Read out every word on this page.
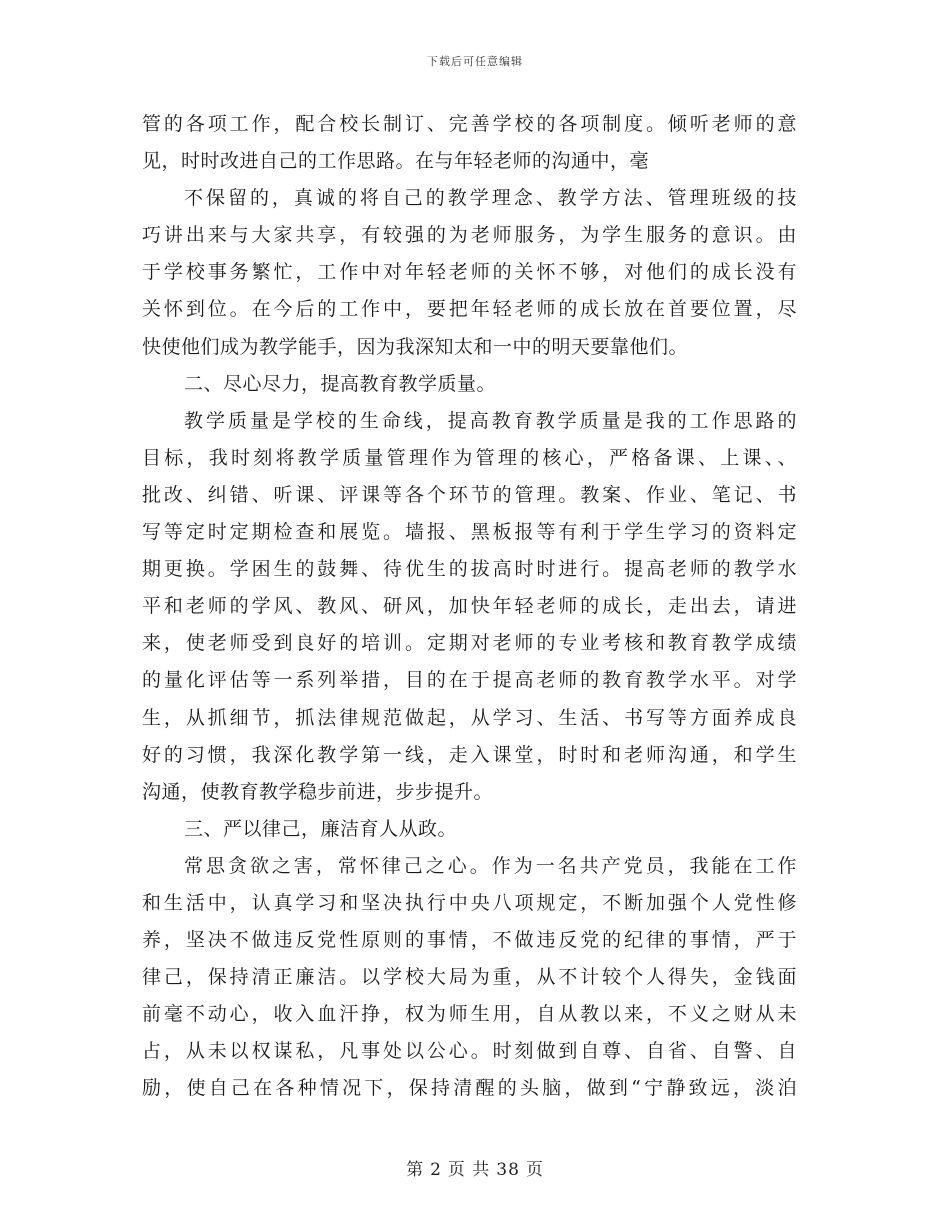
下载后可任意编辑
管的各项工作，配合校长制订、完善学校的各项制度。倾听老师的意
见，时时改进自己的工作思路。在与年轻老师的沟通中，毫
不保留的，真诚的将自己的教学理念、教学方法、管理班级的技
巧讲出来与大家共享，有较强的为老师服务，为学生服务的意识。由
于学校事务繁忙，工作中对年轻老师的关怀不够，对他们的成长没有
关怀到位。在今后的工作中，要把年轻老师的成长放在首要位置，尽
快使他们成为教学能手，因为我深知太和一中的明天要靠他们。
二、尽心尽力，提高教育教学质量。
教学质量是学校的生命线，提高教育教学质量是我的工作思路的
目标，我时刻将教学质量管理作为管理的核心，严格备课、上课、、
批改、纠错、听课、评课等各个环节的管理。教案、作业、笔记、书
写等定时定期检查和展览。墙报、黑板报等有利于学生学习的资料定
期更换。学困生的鼓舞、待优生的拔高时时进行。提高老师的教学水
平和老师的学风、教风、研风，加快年轻老师的成长，走出去，请进
来，使老师受到良好的培训。定期对老师的专业考核和教育教学成绩
的量化评估等一系列举措，目的在于提高老师的教育教学水平。对学
生，从抓细节，抓法律规范做起，从学习、生活、书写等方面养成良
好的习惯，我深化教学第一线，走入课堂，时时和老师沟通，和学生
沟通，使教育教学稳步前进，步步提升。
三、严以律己，廉洁育人从政。
常思贪欲之害，常怀律己之心。作为一名共产党员，我能在工作
和生活中，认真学习和坚决执行中央八项规定，不断加强个人党性修
养，坚决不做违反党性原则的事情，不做违反党的纪律的事情，严于
律己，保持清正廉洁。以学校大局为重，从不计较个人得失，金钱面
前毫不动心，收入血汗挣，权为师生用，自从教以来，不义之财从未
占，从未以权谋私，凡事处以公心。时刻做到自尊、自省、自警、自
励，使自己在各种情况下，保持清醒的头脑，做到“宁静致远，淡泊
第 2 页 共 38 页
